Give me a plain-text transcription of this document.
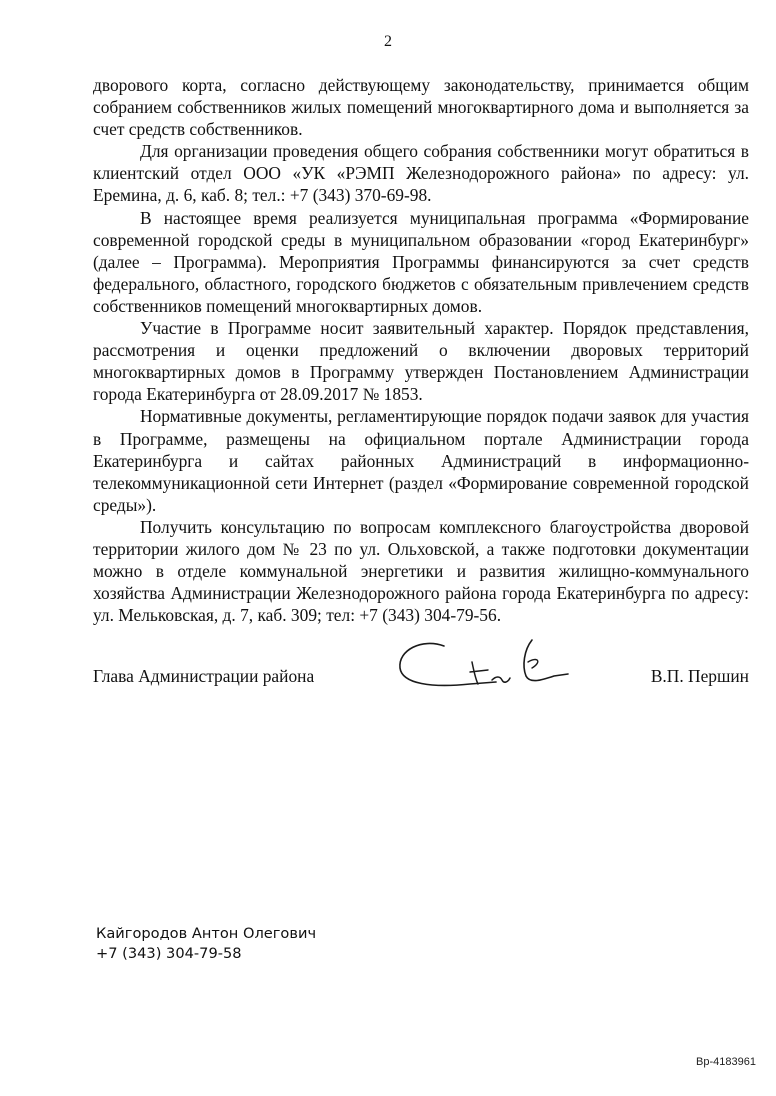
2

дворового корта, согласно действующему законодательству, принимается общим собранием собственников жилых помещений многоквартирного дома и выполняется за счет средств собственников.

Для организации проведения общего собрания собственники могут обратиться в клиентский отдел ООО «УК «РЭМП Железнодорожного района» по адресу: ул. Еремина, д. 6, каб. 8; тел.: +7 (343) 370-69-98.

В настоящее время реализуется муниципальная программа «Формирование современной городской среды в муниципальном образовании «город Екатеринбург» (далее – Программа). Мероприятия Программы финансируются за счет средств федерального, областного, городского бюджетов с обязательным привлечением средств собственников помещений многоквартирных домов.

Участие в Программе носит заявительный характер. Порядок представления, рассмотрения и оценки предложений о включении дворовых территорий многоквартирных домов в Программу утвержден Постановлением Администрации города Екатеринбурга от 28.09.2017 № 1853.

Нормативные документы, регламентирующие порядок подачи заявок для участия в Программе, размещены на официальном портале Администрации города Екатеринбурга и сайтах районных Администраций в информационно-телекоммуникационной сети Интернет (раздел «Формирование современной городской среды»).

Получить консультацию по вопросам комплексного благоустройства дворовой территории жилого дом № 23 по ул. Ольховской, а также подготовки документации можно в отделе коммунальной энергетики и развития жилищно-коммунального хозяйства Администрации Железнодорожного района города Екатеринбурга по адресу: ул. Мельковская, д. 7, каб. 309; тел: +7 (343) 304-79-56.

Глава Администрации района	В.П. Першин
Кайгородов Антон Олегович
+7 (343) 304-79-58
Вр-4183961
